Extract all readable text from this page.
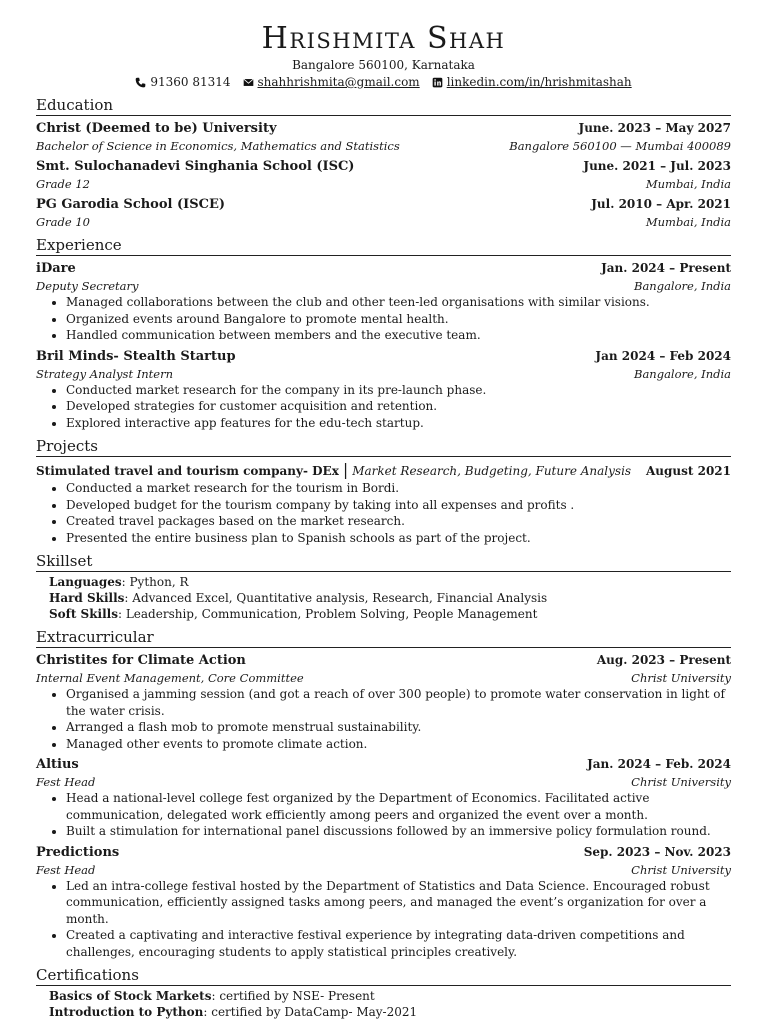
Hrishmita Shah
Bangalore 560100, Karnataka
91360 81314 shahhrishmita@gmail.com linkedin.com/in/hrishmitashah
Education
Christ (Deemed to be) University	June. 2023 – May 2027
Bachelor of Science in Economics, Mathematics and Statistics	Bangalore 560100 — Mumbai 400089
Smt. Sulochanadevi Singhania School (ISC)	June. 2021 – Jul. 2023
Grade 12	Mumbai, India
PG Garodia School (ISCE)	Jul. 2010 – Apr. 2021
Grade 10	Mumbai, India
Experience
iDare	Jan. 2024 – Present
Deputy Secretary	Bangalore, India
• Managed collaborations between the club and other teen-led organisations with similar visions.
• Organized events around Bangalore to promote mental health.
• Handled communication between members and the executive team.
Bril Minds- Stealth Startup	Jan 2024 – Feb 2024
Strategy Analyst Intern	Bangalore, India
• Conducted market research for the company in its pre-launch phase.
• Developed strategies for customer acquisition and retention.
• Explored interactive app features for the edu-tech startup.
Projects
Stimulated travel and tourism company- DEx | Market Research, Budgeting, Future Analysis August 2021
• Conducted a market research for the tourism in Bordi.
• Developed budget for the tourism company by taking into all expenses and profits .
• Created travel packages based on the market research.
• Presented the entire business plan to Spanish schools as part of the project.
Skillset
Languages: Python, R
Hard Skills: Advanced Excel, Quantitative analysis, Research, Financial Analysis
Soft Skills: Leadership, Communication, Problem Solving, People Management
Extracurricular
Christites for Climate Action	Aug. 2023 – Present
Internal Event Management, Core Committee	Christ University
• Organised a jamming session (and got a reach of over 300 people) to promote water conservation in light of the water crisis.
• Arranged a flash mob to promote menstrual sustainability.
• Managed other events to promote climate action.
Altius	Jan. 2024 – Feb. 2024
Fest Head	Christ University
• Head a national-level college fest organized by the Department of Economics. Facilitated active communication, delegated work efficiently among peers and organized the event over a month.
• Built a stimulation for international panel discussions followed by an immersive policy formulation round.
Predictions	Sep. 2023 – Nov. 2023
Fest Head	Christ University
• Led an intra-college festival hosted by the Department of Statistics and Data Science. Encouraged robust communication, efficiently assigned tasks among peers, and managed the event’s organization for over a month.
• Created a captivating and interactive festival experience by integrating data-driven competitions and challenges, encouraging students to apply statistical principles creatively.
Certifications
Basics of Stock Markets: certified by NSE- Present
Introduction to Python: certified by DataCamp- May-2021
